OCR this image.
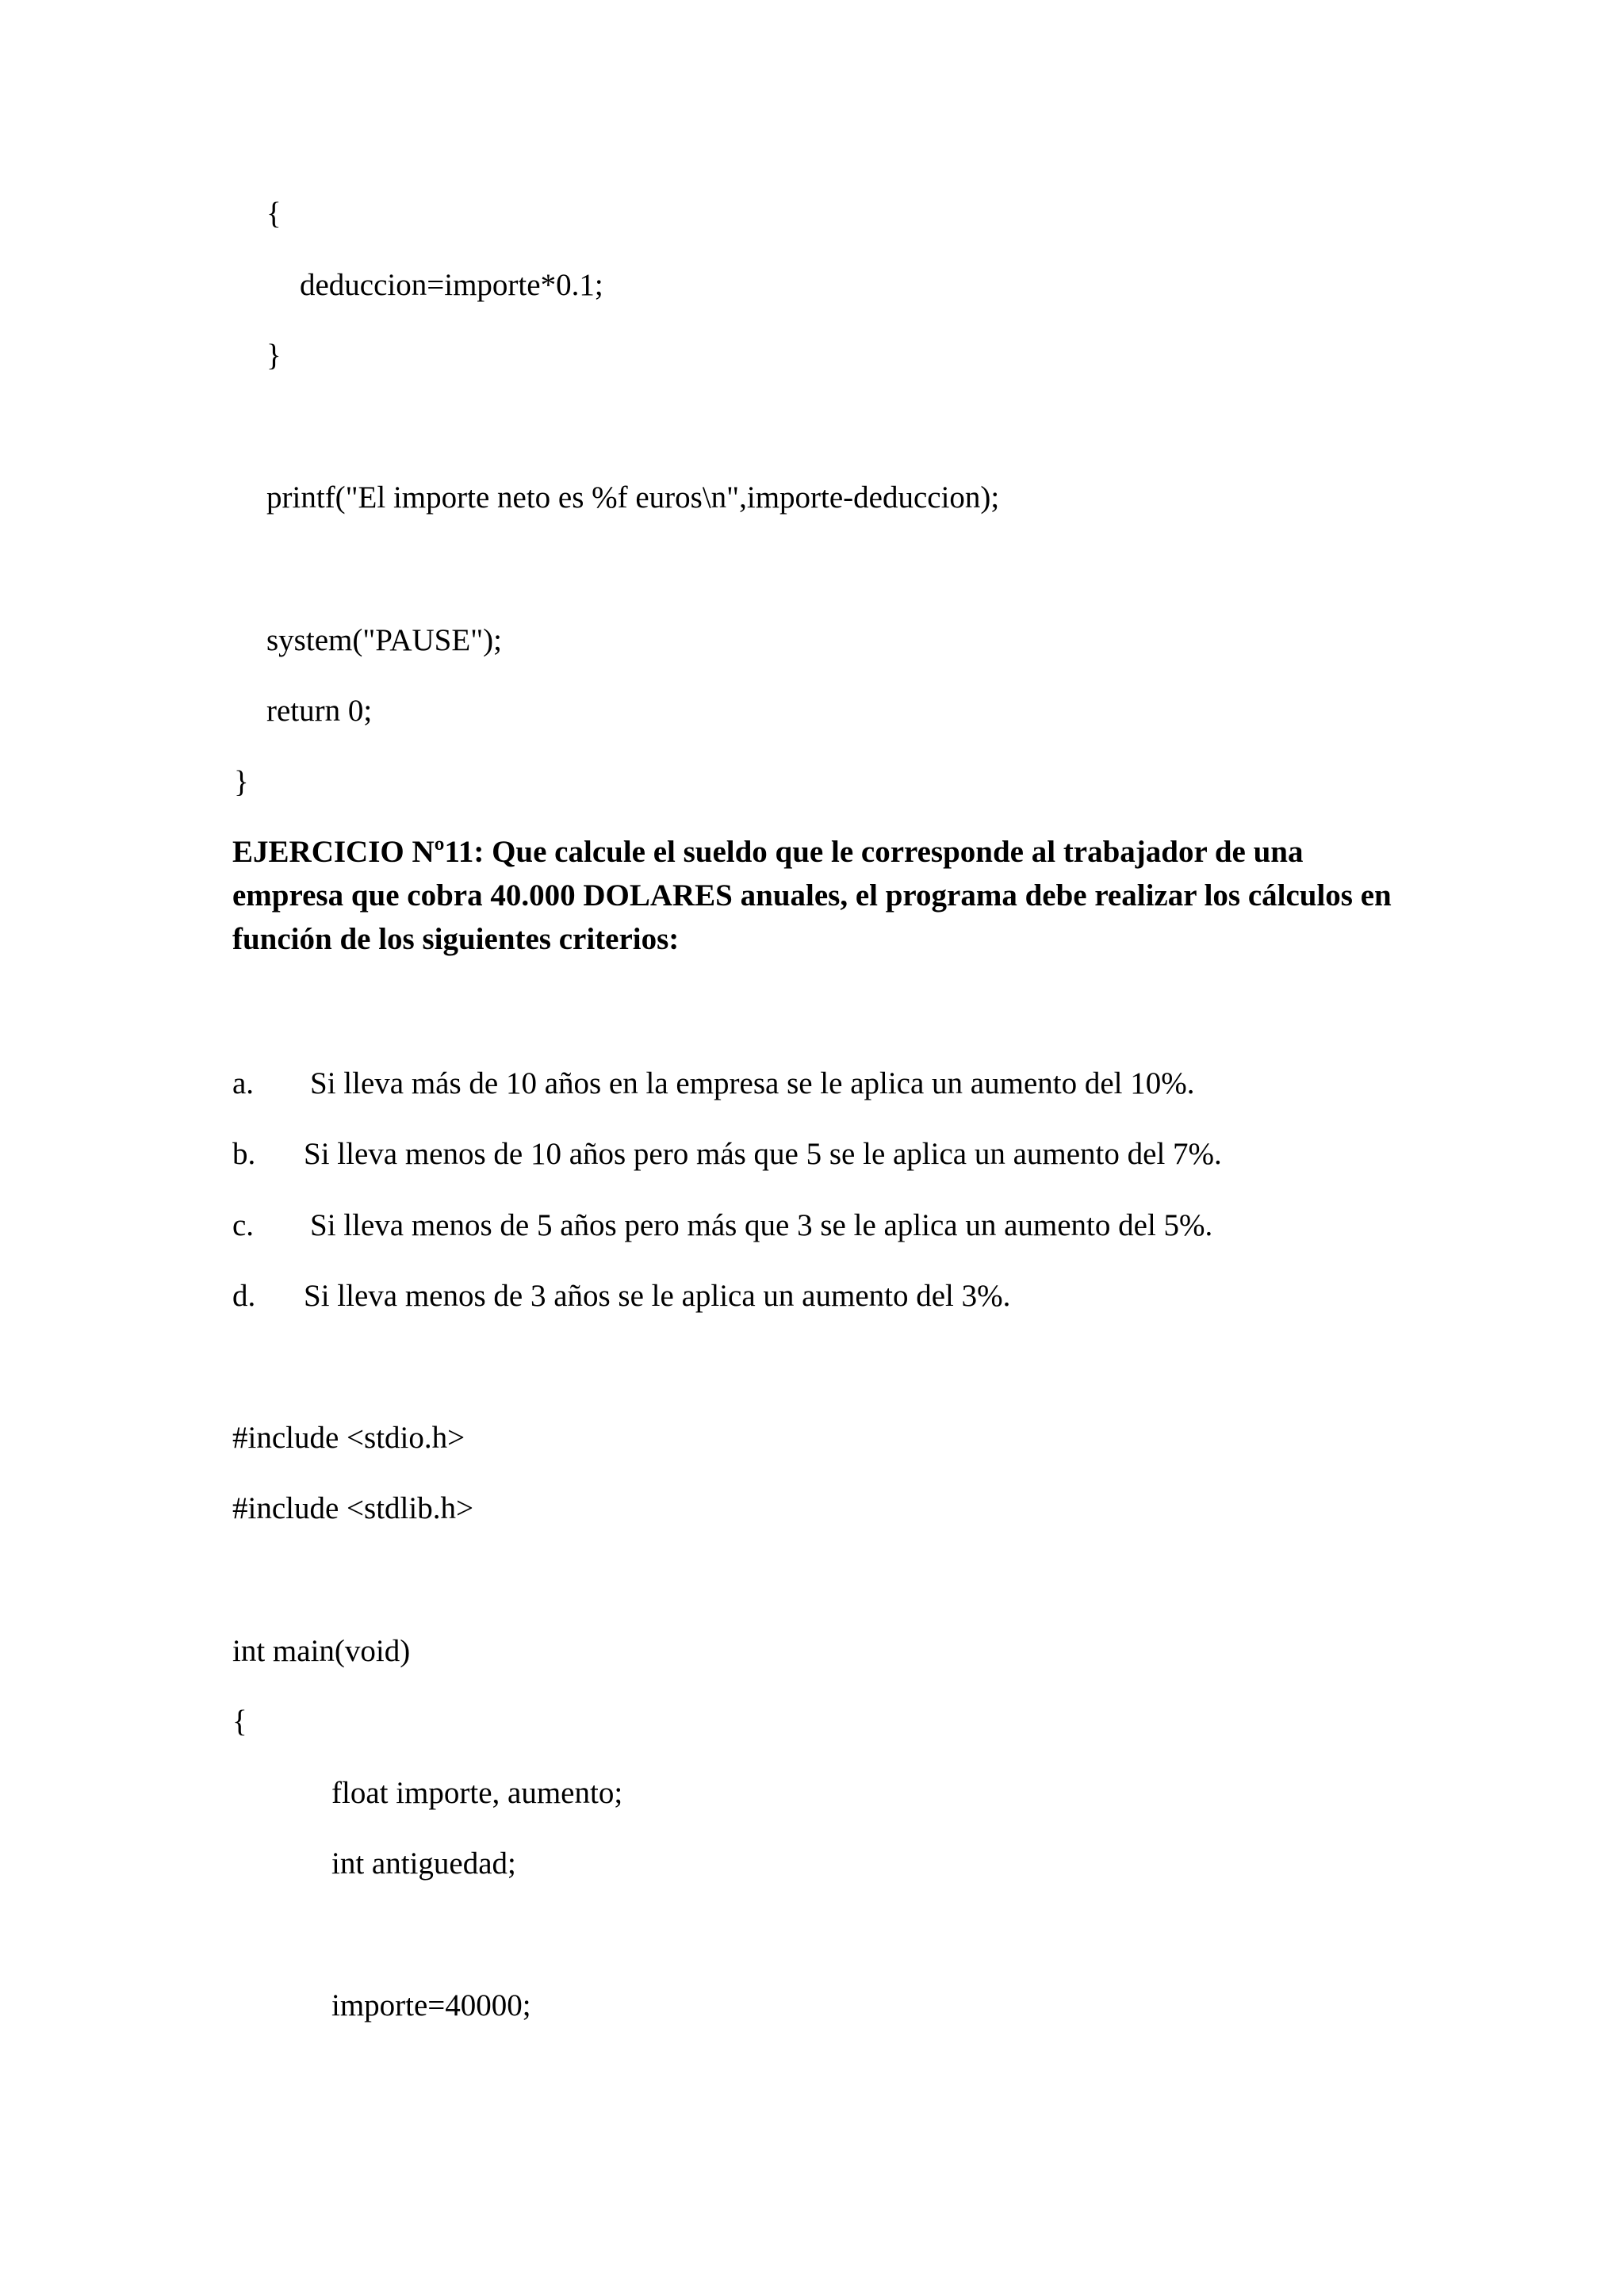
{

deduccion=importe*0.1;

}

printf("El importe neto es %f euros\n",importe-deduccion);

system("PAUSE");

return 0;

}

EJERCICIO Nº11: Que calcule el sueldo que le corresponde al trabajador de una empresa que cobra 40.000 DOLARES anuales, el programa debe realizar los cálculos en función de los siguientes criterios:

a. Si lleva más de 10 años en la empresa se le aplica un aumento del 10%.

b. Si lleva menos de 10 años pero más que 5 se le aplica un aumento del 7%.

c. Si lleva menos de 5 años pero más que 3 se le aplica un aumento del 5%.

d. Si lleva menos de 3 años se le aplica un aumento del 3%.

#include <stdio.h>

#include <stdlib.h>

int main(void)

{

float importe, aumento;

int antiguedad;

importe=40000;
